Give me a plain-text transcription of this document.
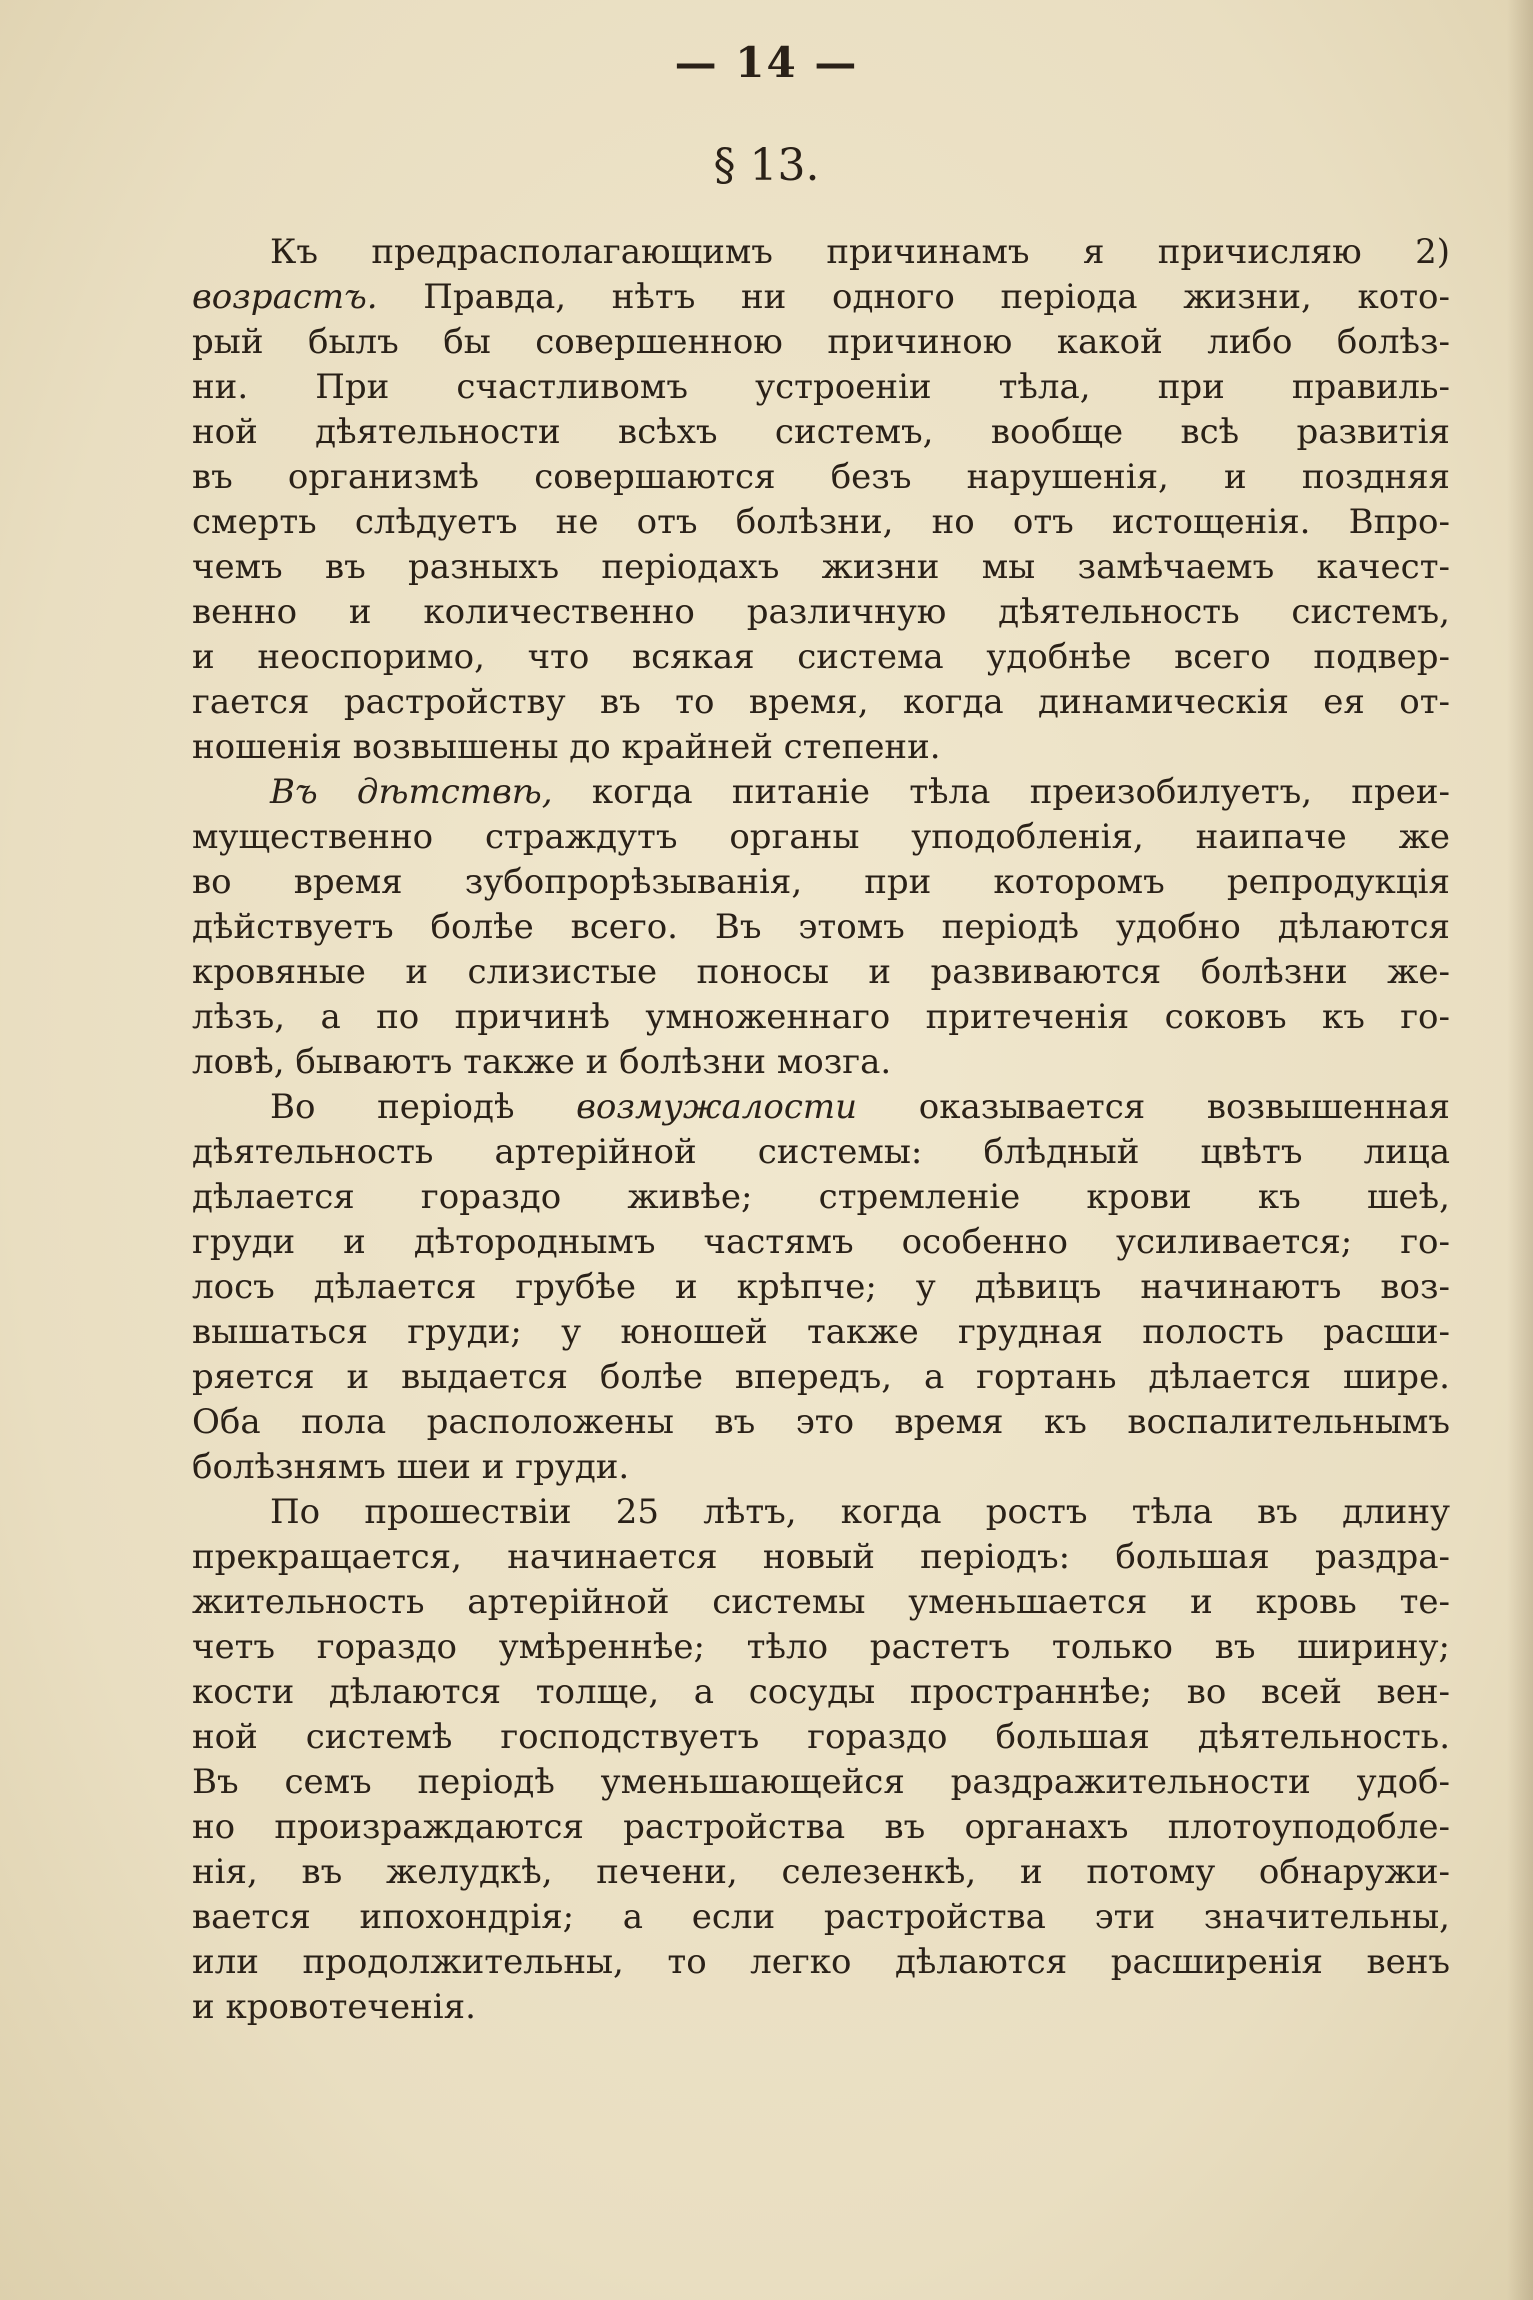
— 14 —
§ 13.
Къ предрасполагающимъ причинамъ я причисляю 2)
возрастъ. Правда, нѣтъ ни одного періода жизни, кото-
рый былъ бы совершенною причиною какой либо болѣз-
ни. При счастливомъ устроеніи тѣла, при правиль-
ной дѣятельности всѣхъ системъ, вообще всѣ развитія
въ организмѣ совершаются безъ нарушенія, и поздняя
смерть слѣдуетъ не отъ болѣзни, но отъ истощенія. Впро-
чемъ въ разныхъ періодахъ жизни мы замѣчаемъ качест-
венно и количественно различную дѣятельность системъ,
и неоспоримо, что всякая система удобнѣе всего подвер-
гается растройству въ то время, когда динамическія ея от-
ношенія возвышены до крайней степени.
Въ дѣтствѣ, когда питаніе тѣла преизобилуетъ, преи-
мущественно страждутъ органы уподобленія, наипаче же
во время зубопрорѣзыванія, при которомъ репродукція
дѣйствуетъ болѣе всего. Въ этомъ періодѣ удобно дѣлаются
кровяные и слизистые поносы и развиваются болѣзни же-
лѣзъ, а по причинѣ умноженнаго притеченія соковъ къ го-
ловѣ, бываютъ также и болѣзни мозга.
Во періодѣ возмужалости оказывается возвышенная
дѣятельность артерійной системы: блѣдный цвѣтъ лица
дѣлается гораздо живѣе; стремленіе крови къ шеѣ,
груди и дѣтороднымъ частямъ особенно усиливается; го-
лосъ дѣлается грубѣе и крѣпче; у дѣвицъ начинаютъ воз-
вышаться груди; у юношей также грудная полость расши-
ряется и выдается болѣе впередъ, а гортань дѣлается шире.
Оба пола расположены въ это время къ воспалительнымъ
болѣзнямъ шеи и груди.
По прошествіи 25 лѣтъ, когда ростъ тѣла въ длину
прекращается, начинается новый періодъ: большая раздра-
жительность артерійной системы уменьшается и кровь те-
четъ гораздо умѣреннѣе; тѣло растетъ только въ ширину;
кости дѣлаются толще, а сосуды пространнѣе; во всей вен-
ной системѣ господствуетъ гораздо большая дѣятельность.
Въ семъ періодѣ уменьшающейся раздражительности удоб-
но произраждаются растройства въ органахъ плотоуподобле-
нія, въ желудкѣ, печени, селезенкѣ, и потому обнаружи-
вается ипохондрія; а если растройства эти значительны,
или продолжительны, то легко дѣлаются расширенія венъ
и кровотеченія.
